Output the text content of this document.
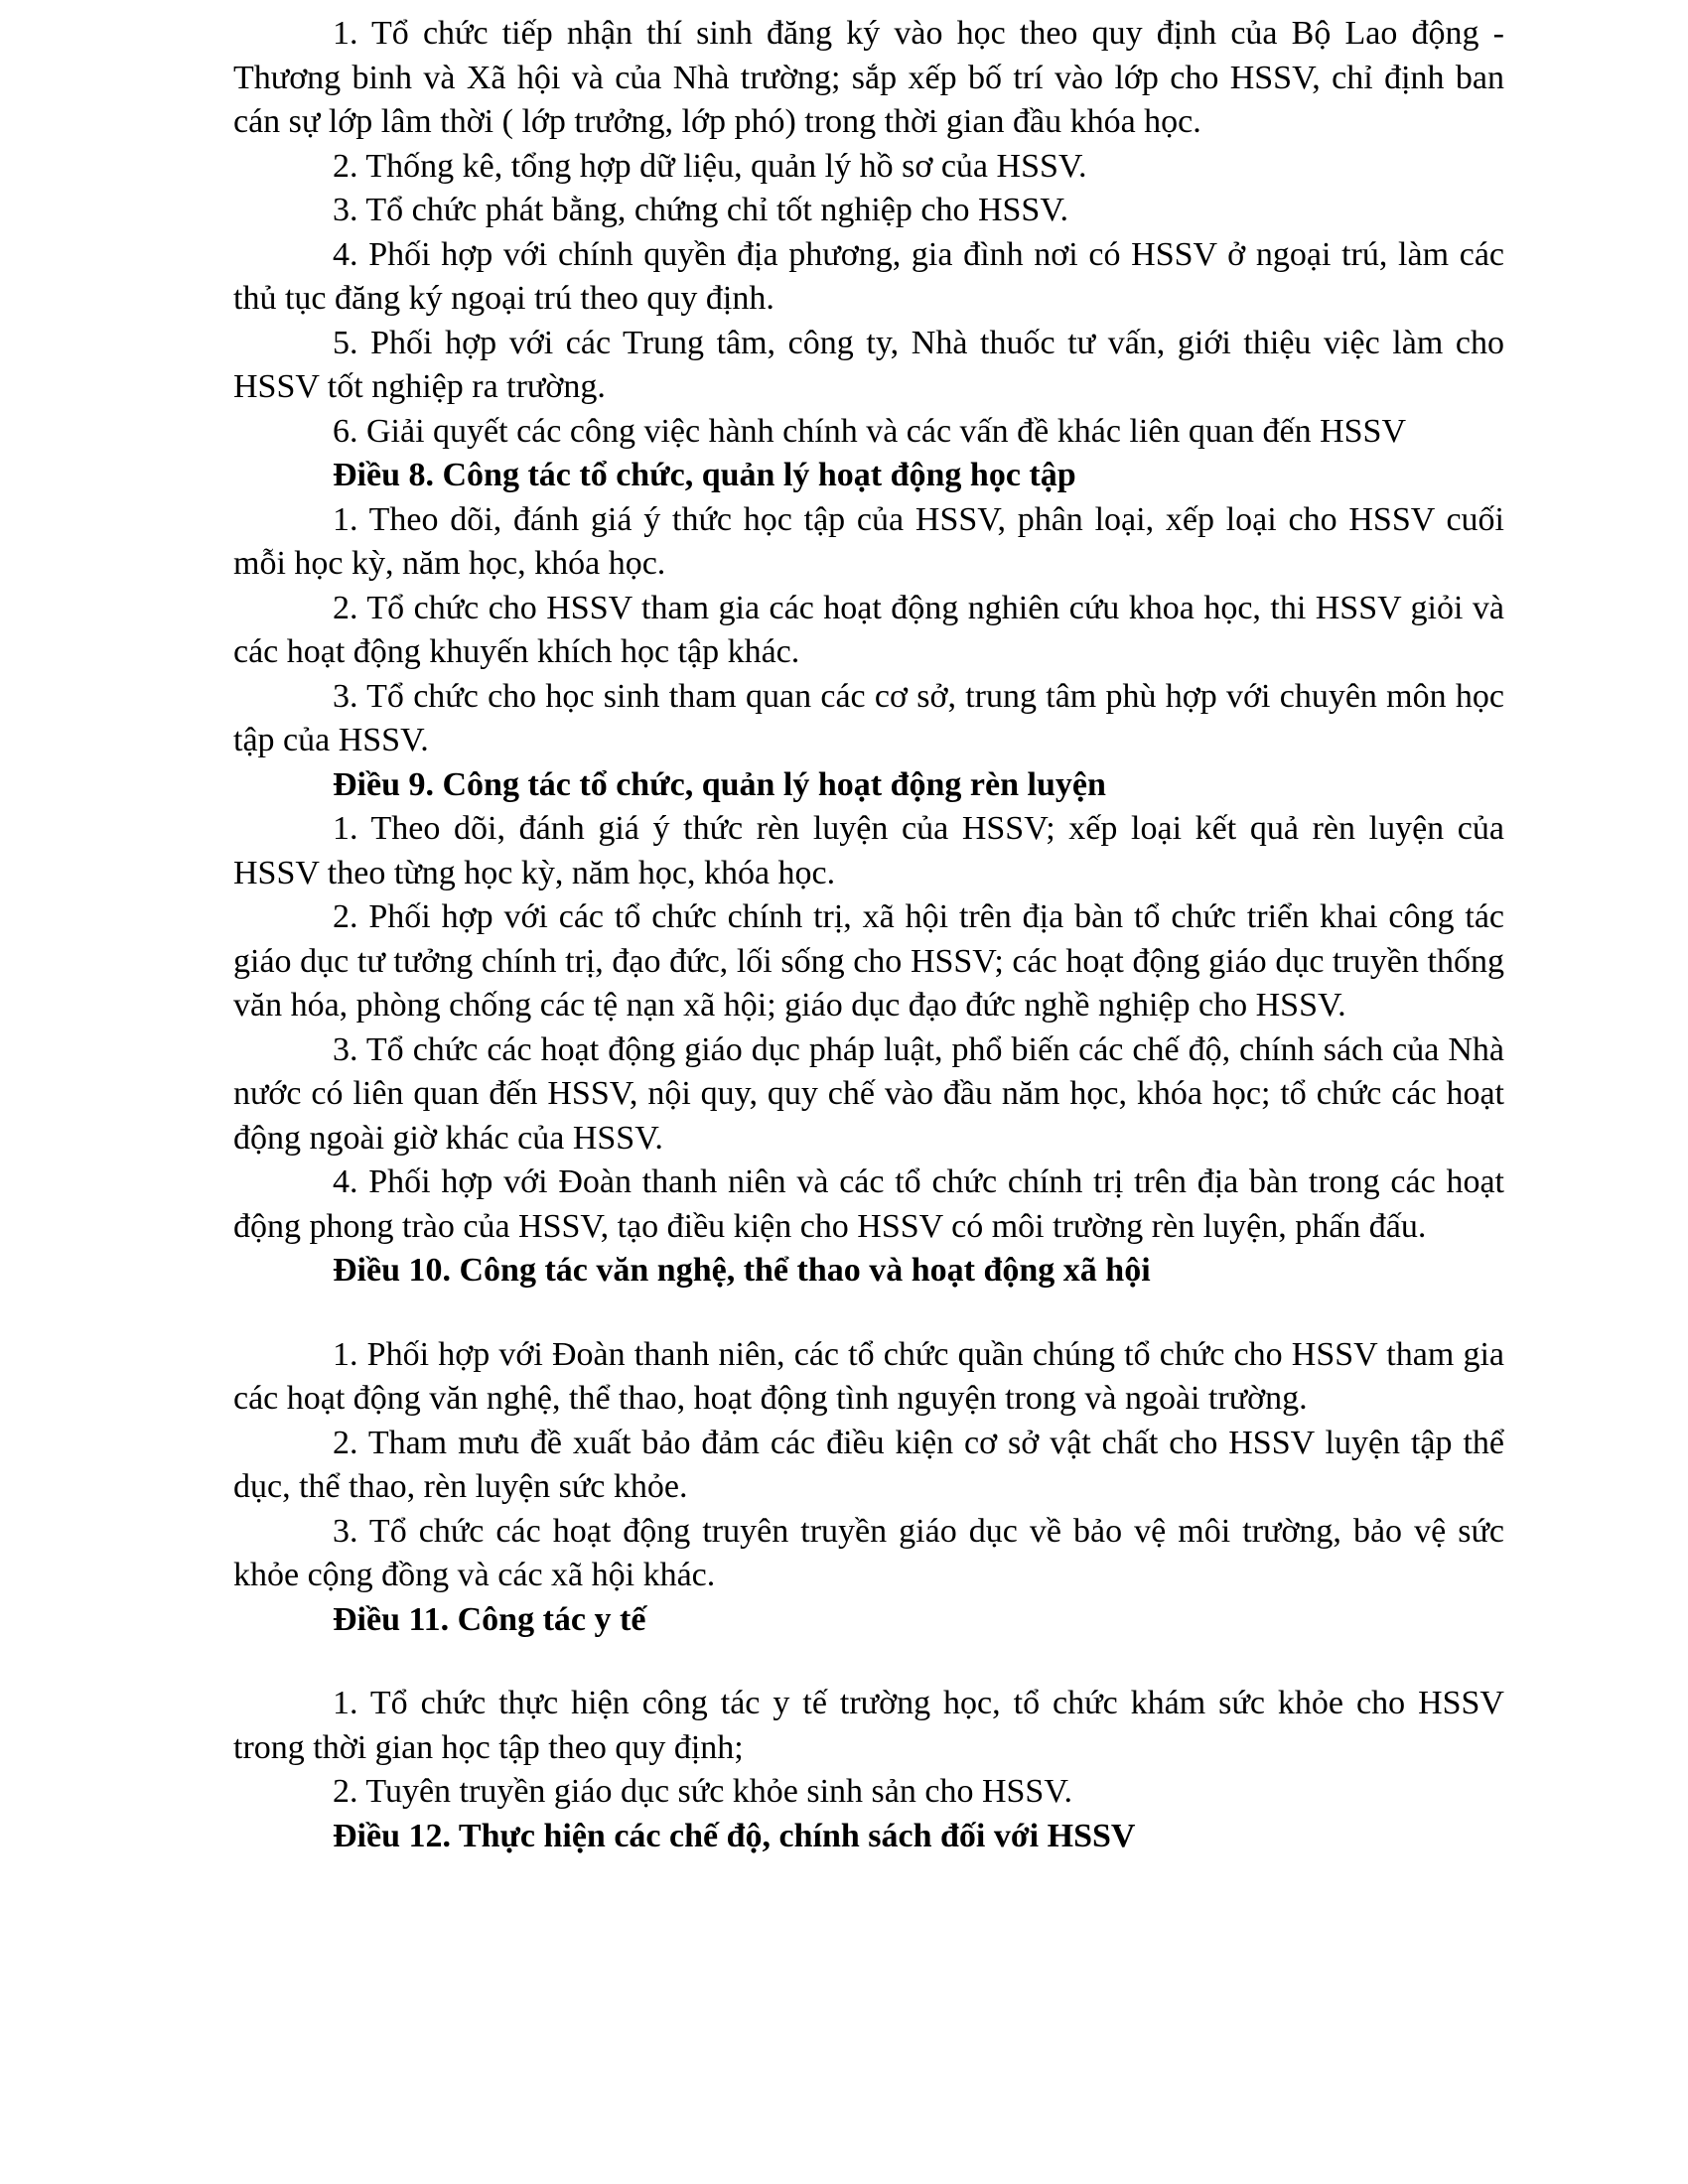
1. Tổ chức tiếp nhận thí sinh đăng ký vào học theo quy định của Bộ Lao động - Thương binh và Xã hội và của Nhà trường; sắp xếp bố trí vào lớp cho HSSV, chỉ định ban cán sự lớp lâm thời ( lớp trưởng, lớp phó) trong thời gian đầu khóa học.

2. Thống kê, tổng hợp dữ liệu, quản lý hồ sơ của HSSV.

3. Tổ chức phát bằng, chứng chỉ tốt nghiệp cho HSSV.

4. Phối hợp với chính quyền địa phương, gia đình nơi có HSSV ở ngoại trú, làm các thủ tục đăng ký ngoại trú theo quy định.

5. Phối hợp với các Trung tâm, công ty, Nhà thuốc tư vấn, giới thiệu việc làm cho HSSV tốt nghiệp ra trường.

6. Giải quyết các công việc hành chính và các vấn đề khác liên quan đến HSSV

Điều 8. Công tác tổ chức, quản lý hoạt động học tập

1. Theo dõi, đánh giá ý thức học tập của HSSV, phân loại, xếp loại cho HSSV cuối mỗi học kỳ, năm học, khóa học.

2. Tổ chức cho HSSV tham gia các hoạt động nghiên cứu khoa học, thi HSSV giỏi và các hoạt động khuyến khích học tập khác.

3. Tổ chức cho học sinh tham quan các cơ sở, trung tâm phù hợp với chuyên môn học tập của HSSV.

Điều 9. Công tác tổ chức, quản lý hoạt động rèn luyện

1. Theo dõi, đánh giá ý thức rèn luyện của HSSV; xếp loại kết quả rèn luyện của HSSV theo từng học kỳ, năm học, khóa học.

2. Phối hợp với các tổ chức chính trị, xã hội trên địa bàn tổ chức triển khai công tác giáo dục tư tưởng chính trị, đạo đức, lối sống cho HSSV; các hoạt động giáo dục truyền thống văn hóa, phòng chống các tệ nạn xã hội; giáo dục đạo đức nghề nghiệp cho HSSV.

3. Tổ chức các hoạt động giáo dục pháp luật, phổ biến các chế độ, chính sách của Nhà nước có liên quan đến HSSV, nội quy, quy chế vào đầu năm học, khóa học; tổ chức các hoạt động ngoài giờ khác của HSSV.

4. Phối hợp với Đoàn thanh niên và các tổ chức chính trị trên địa bàn trong các hoạt động phong trào của HSSV, tạo điều kiện cho HSSV có môi trường rèn luyện, phấn đấu.

Điều 10. Công tác văn nghệ, thể thao và hoạt động xã hội

1. Phối hợp với Đoàn thanh niên, các tổ chức quần chúng tổ chức cho HSSV tham gia các hoạt động văn nghệ, thể thao, hoạt động tình nguyện trong và ngoài trường.

2. Tham mưu đề xuất bảo đảm các điều kiện cơ sở vật chất cho HSSV luyện tập thể dục, thể thao, rèn luyện sức khỏe.

3. Tổ chức các hoạt động truyên truyền giáo dục về bảo vệ môi trường, bảo vệ sức khỏe cộng đồng và các xã hội khác.

Điều 11. Công tác y tế

1. Tổ chức thực hiện công tác y tế trường học, tổ chức khám sức khỏe cho HSSV trong thời gian học tập theo quy định;

2. Tuyên truyền giáo dục sức khỏe sinh sản cho HSSV.

Điều 12. Thực hiện các chế độ, chính sách đối với HSSV
